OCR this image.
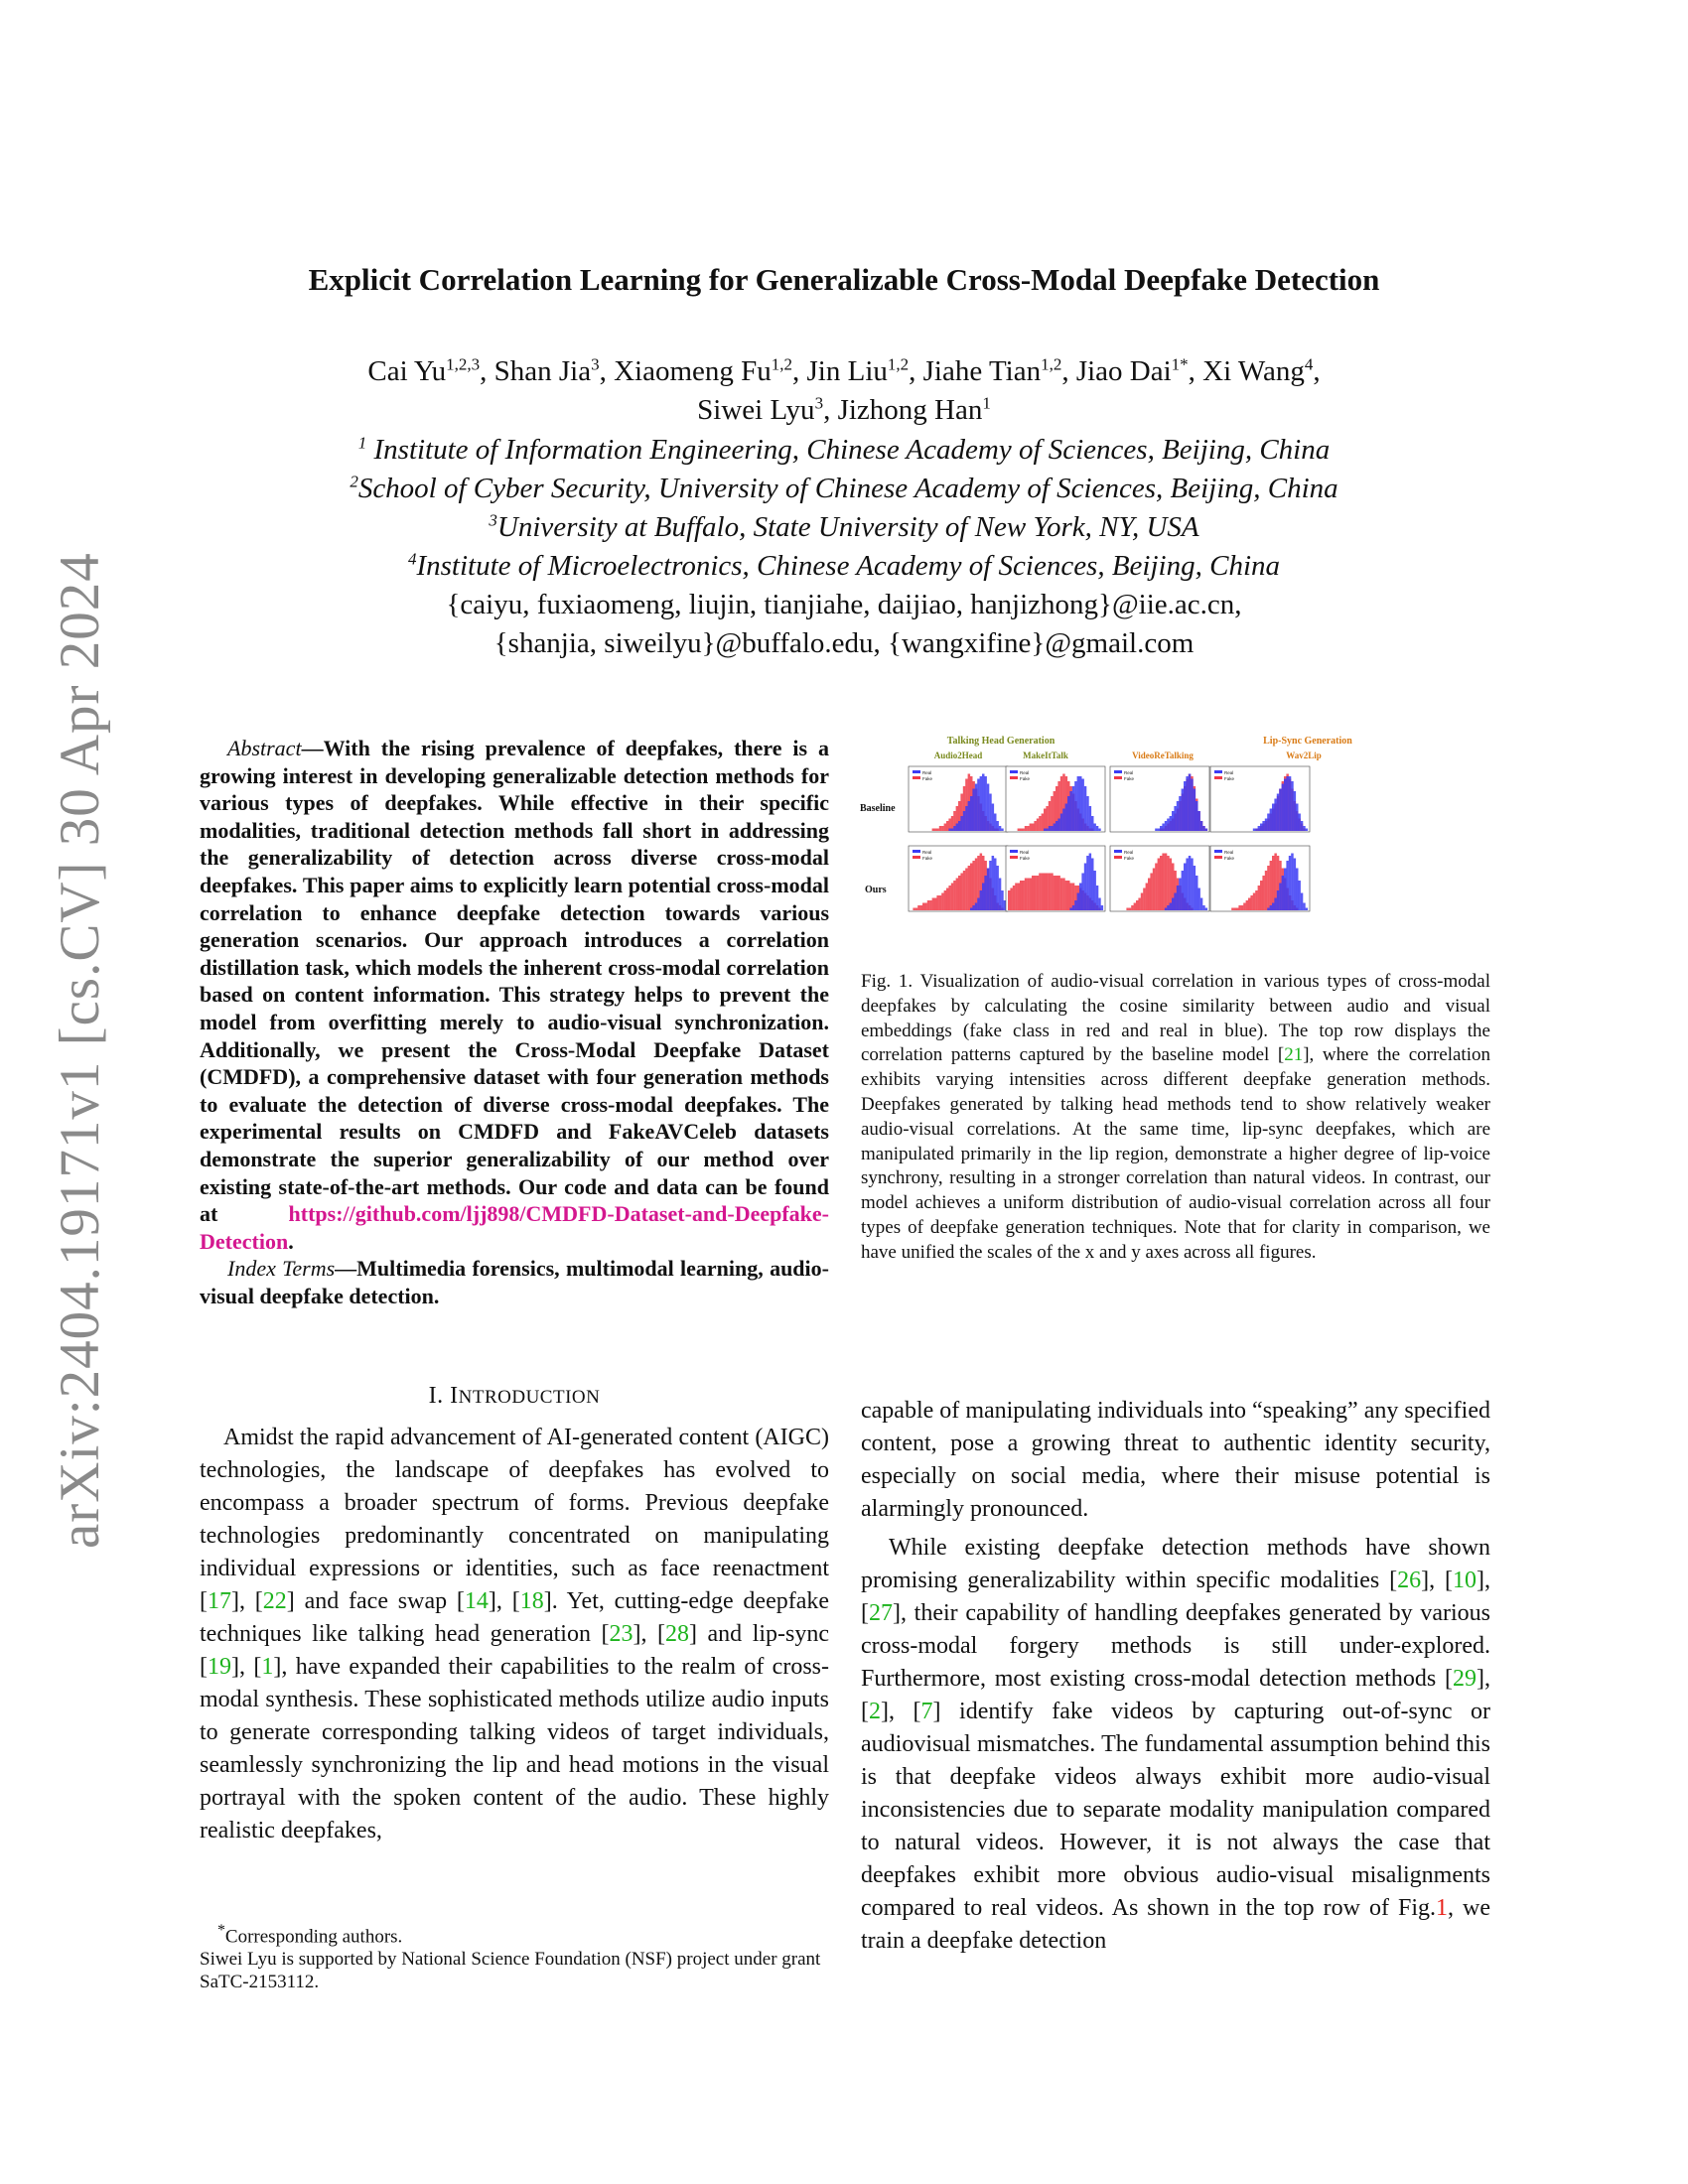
arXiv:2404.19171v1 [cs.CV] 30 Apr 2024
Explicit Correlation Learning for Generalizable Cross-Modal Deepfake Detection
Cai Yu$^{1,2,3}$, Shan Jia$^3$, Xiaomeng Fu$^{1,2}$, Jin Liu$^{1,2}$, Jiahe Tian$^{1,2}$, Jiao Dai$^{1*}$, Xi Wang$^4$,
Siwei Lyu$^3$, Jizhong Han$^1$
$^1$ Institute of Information Engineering, Chinese Academy of Sciences, Beijing, China
$^2$School of Cyber Security, University of Chinese Academy of Sciences, Beijing, China
$^3$University at Buffalo, State University of New York, NY, USA
$^4$Institute of Microelectronics, Chinese Academy of Sciences, Beijing, China
{caiyu, fuxiaomeng, liujin, tianjiahe, daijiao, hanjizhong}@iie.ac.cn,
{shanjia, siweilyu}@buffalo.edu, {wangxifine}@gmail.com

Abstract—With the rising prevalence of deepfakes, there is a growing interest in developing generalizable detection methods for various types of deepfakes. While effective in their specific modalities, traditional detection methods fall short in addressing the generalizability of detection across diverse cross-modal deepfakes. This paper aims to explicitly learn potential cross-modal correlation to enhance deepfake detection towards various generation scenarios. Our approach introduces a correlation distillation task, which models the inherent cross-modal correlation based on content information. This strategy helps to prevent the model from overfitting merely to audio-visual synchronization. Additionally, we present the Cross-Modal Deepfake Dataset (CMDFD), a comprehensive dataset with four generation methods to evaluate the detection of diverse cross-modal deepfakes. The experimental results on CMDFD and FakeAVCeleb datasets demonstrate the superior generalizability of our method over existing state-of-the-art methods. Our code and data can be found at https://github.com/ljj898/CMDFD-Dataset-and-Deepfake-Detection.

Index Terms—Multimedia forensics, multimodal learning, audio-visual deepfake detection.

Talking Head Generation	Lip-Sync Generation
Baseline
Ours
Audio2Head	MakeItTalk	VideoReTalking	Wav2Lip
Real
Fake
Real
Fake
Real
Fake
Real
Fake
Real
Fake
Real
Fake
Real
Fake
Real
Fake

Fig. 1. Visualization of audio-visual correlation in various types of cross-modal deepfakes by calculating the cosine similarity between audio and visual embeddings (fake class in red and real in blue). The top row displays the correlation patterns captured by the baseline model [21], where the correlation exhibits varying intensities across different deepfake generation methods. Deepfakes generated by talking head methods tend to show relatively weaker audio-visual correlations. At the same time, lip-sync deepfakes, which are manipulated primarily in the lip region, demonstrate a higher degree of lip-voice synchrony, resulting in a stronger correlation than natural videos. In contrast, our model achieves a uniform distribution of audio-visual correlation across all four types of deepfake generation techniques. Note that for clarity in comparison, we have unified the scales of the x and y axes across all figures.

I. INTRODUCTION

Amidst the rapid advancement of AI-generated content (AIGC) technologies, the landscape of deepfakes has evolved to encompass a broader spectrum of forms. Previous deepfake technologies predominantly concentrated on manipulating individual expressions or identities, such as face reenactment [17], [22] and face swap [14], [18]. Yet, cutting-edge deepfake techniques like talking head generation [23], [28] and lip-sync [19], [1], have expanded their capabilities to the realm of cross-modal synthesis. These sophisticated methods utilize audio inputs to generate corresponding talking videos of target individuals, seamlessly synchronizing the lip and head motions in the visual portrayal with the spoken content of the audio. These highly realistic deepfakes,

*Corresponding authors.

Siwei Lyu is supported by National Science Foundation (NSF) project under grant SaTC-2153112.

capable of manipulating individuals into “speaking” any specified content, pose a growing threat to authentic identity security, especially on social media, where their misuse potential is alarmingly pronounced.

While existing deepfake detection methods have shown promising generalizability within specific modalities [26], [10], [27], their capability of handling deepfakes generated by various cross-modal forgery methods is still under-explored. Furthermore, most existing cross-modal detection methods [29], [2], [7] identify fake videos by capturing out-of-sync or audiovisual mismatches. The fundamental assumption behind this is that deepfake videos always exhibit more audio-visual inconsistencies due to separate modality manipulation compared to natural videos. However, it is not always the case that deepfakes exhibit more obvious audio-visual misalignments compared to real videos. As shown in the top row of Fig.1, we train a deepfake detection
